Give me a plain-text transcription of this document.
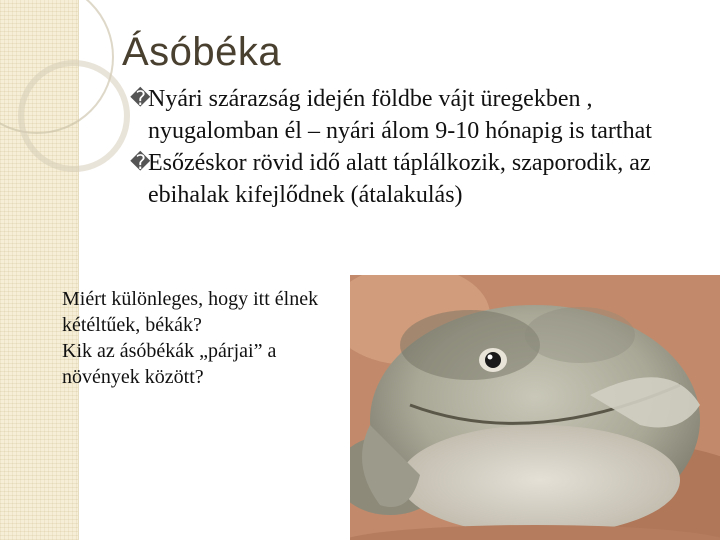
Ásóbéka
�
Nyári szárazság idején földbe vájt üregekben , nyugalomban él – nyári álom 9-10 hónapig is tarthat
�
Esőzéskor rövid idő alatt táplálkozik, szaporodik, az ebihalak kifejlődnek (átalakulás)

Miért különleges, hogy itt élnek kétéltűek, békák?
Kik az ásóbékák „párjai” a növények között?
